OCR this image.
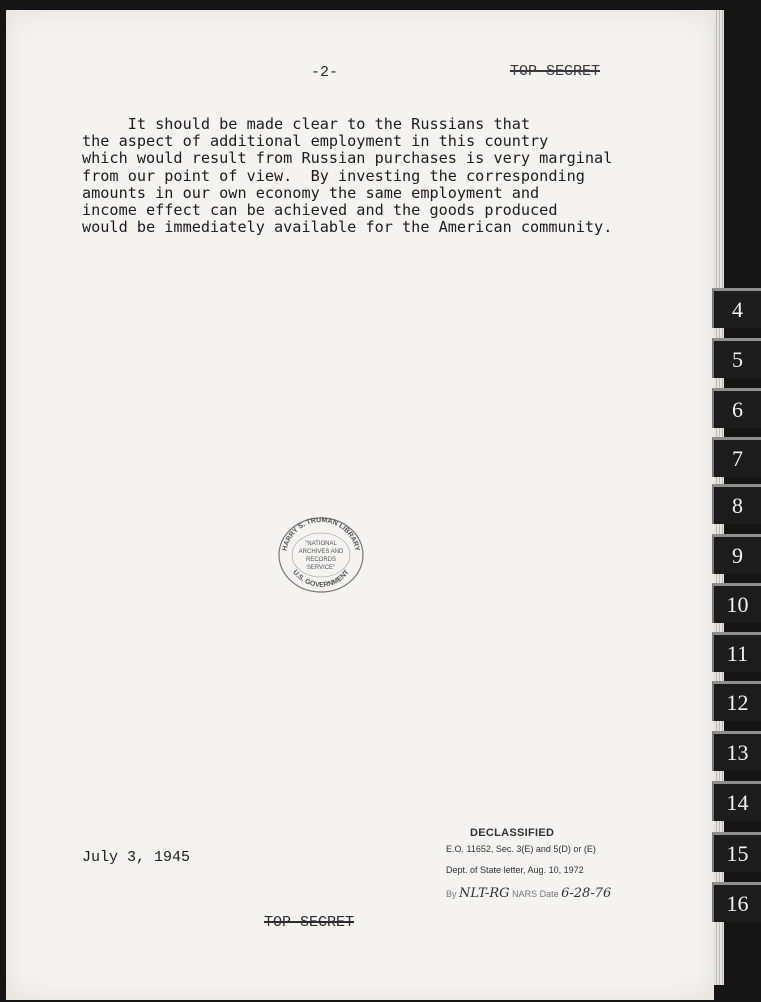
-2-	TOP SECRET
It should be made clear to the Russians that
the aspect of additional employment in this country
which would result from Russian purchases is very marginal
from our point of view.  By investing the corresponding
amounts in our own economy the same employment and
income effect can be achieved and the goods produced
would be immediately available for the American community.
HARRY S. TRUMAN LIBRARY
U.S. GOVERNMENT
"NATIONAL
ARCHIVES AND
RECORDS
SERVICE"
July 3, 1945
DECLASSIFIED
E.O. 11652, Sec. 3(E) and 5(D) or (E)
Dept. of State letter, Aug. 10, 1972
By NLT-RG NARS Date 6-28-76
TOP SECRET
4
5
6
7
8
9
10
11
12
13
14
15
16
